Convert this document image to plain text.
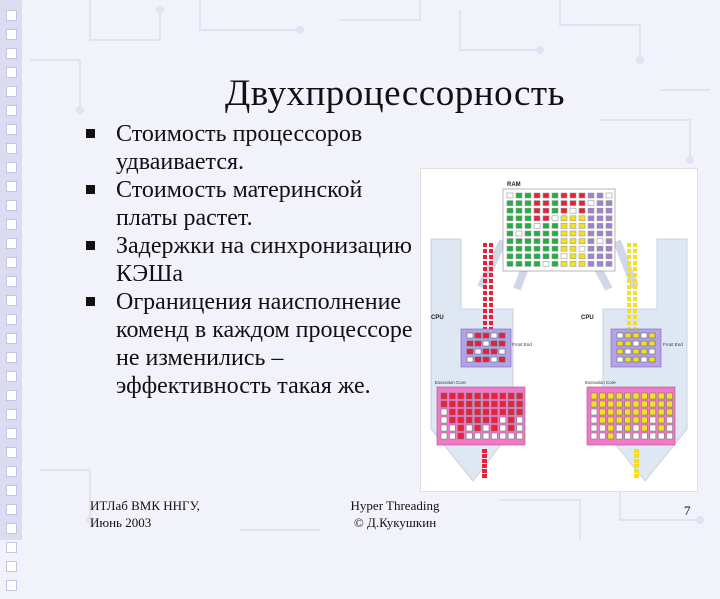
Двухпроцессорность
Стоимость процессоров удваивается.
Стоимость материнской платы растет.
Задержки на синхронизацию КЭШа
Ограницения наисполнение коменд в каждом процессоре не изменились – эффективность такая же.
RAM
CPU	CPU
Front End	Front End
Execution Core	Execution Core
ИТЛаб ВМК ННГУ,
Июнь 2003
Hyper Threading
© Д.Кукушкин
7
